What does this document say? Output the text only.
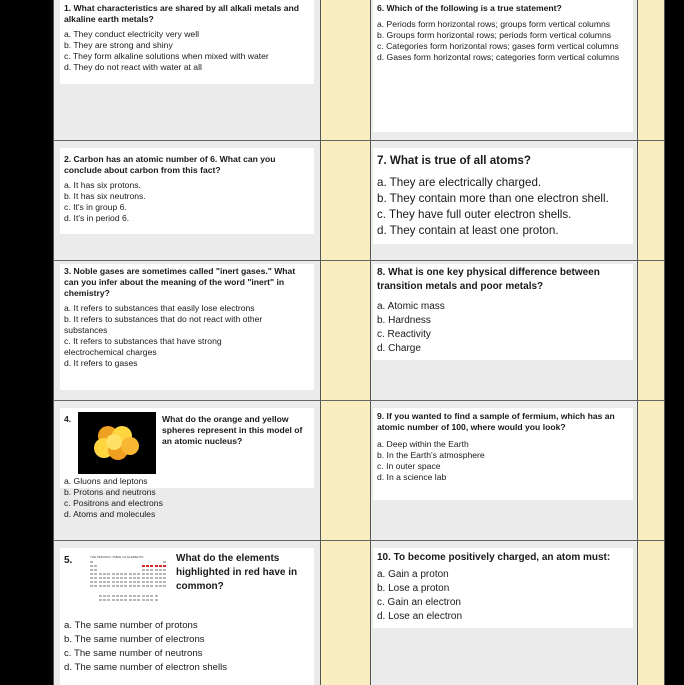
1. What characteristics are shared by all alkali metals and alkaline earth metals?
a. They conduct electricity very well
b. They are strong and shiny
c. They form alkaline solutions when mixed with water
d. They do not react with water at all
2. Carbon has an atomic number of 6. What can you conclude about carbon from this fact?
a. It has six protons.
b. It has six neutrons.
c. It's in group 6.
d. It's in period 6.
3. Noble gases are sometimes called "inert gases." What can you infer about the meaning of the word "inert" in chemistry?
a. It refers to substances that easily lose electrons
b. It refers to substances that do not react with other substances
c. It refers to substances that have strong electrochemical charges
d. It refers to gases
4.	What do the orange and yellow spheres represent in this model of an atomic nucleus?
a. Gluons and leptons
b. Protons and neutrons
c. Positrons and electrons
d. Atoms and molecules
5.	THE PERIODIC TABLE OF ELEMENTS	What do the elements highlighted in red have in common?
a. The same number of protons
b. The same number of electrons
c. The same number of neutrons
d. The same number of electron shells
6. Which of the following is a true statement?
a. Periods form horizontal rows; groups form vertical columns
b. Groups form horizontal rows; periods form vertical columns
c. Categories form horizontal rows; gases form vertical columns
d. Gases form horizontal rows; categories form vertical columns
7. What is true of all atoms?
a. They are electrically charged.
b. They contain more than one electron shell.
c. They have full outer electron shells.
d. They contain at least one proton.
8. What is one key physical difference between transition metals and poor metals?
a. Atomic mass
b. Hardness
c. Reactivity
d. Charge
9. If you wanted to find a sample of fermium, which has an atomic number of 100, where would you look?
a. Deep within the Earth
b. In the Earth's atmosphere
c. In outer space
d. In a science lab
10. To become positively charged, an atom must:
a. Gain a proton
b. Lose a proton
c. Gain an electron
d. Lose an electron
